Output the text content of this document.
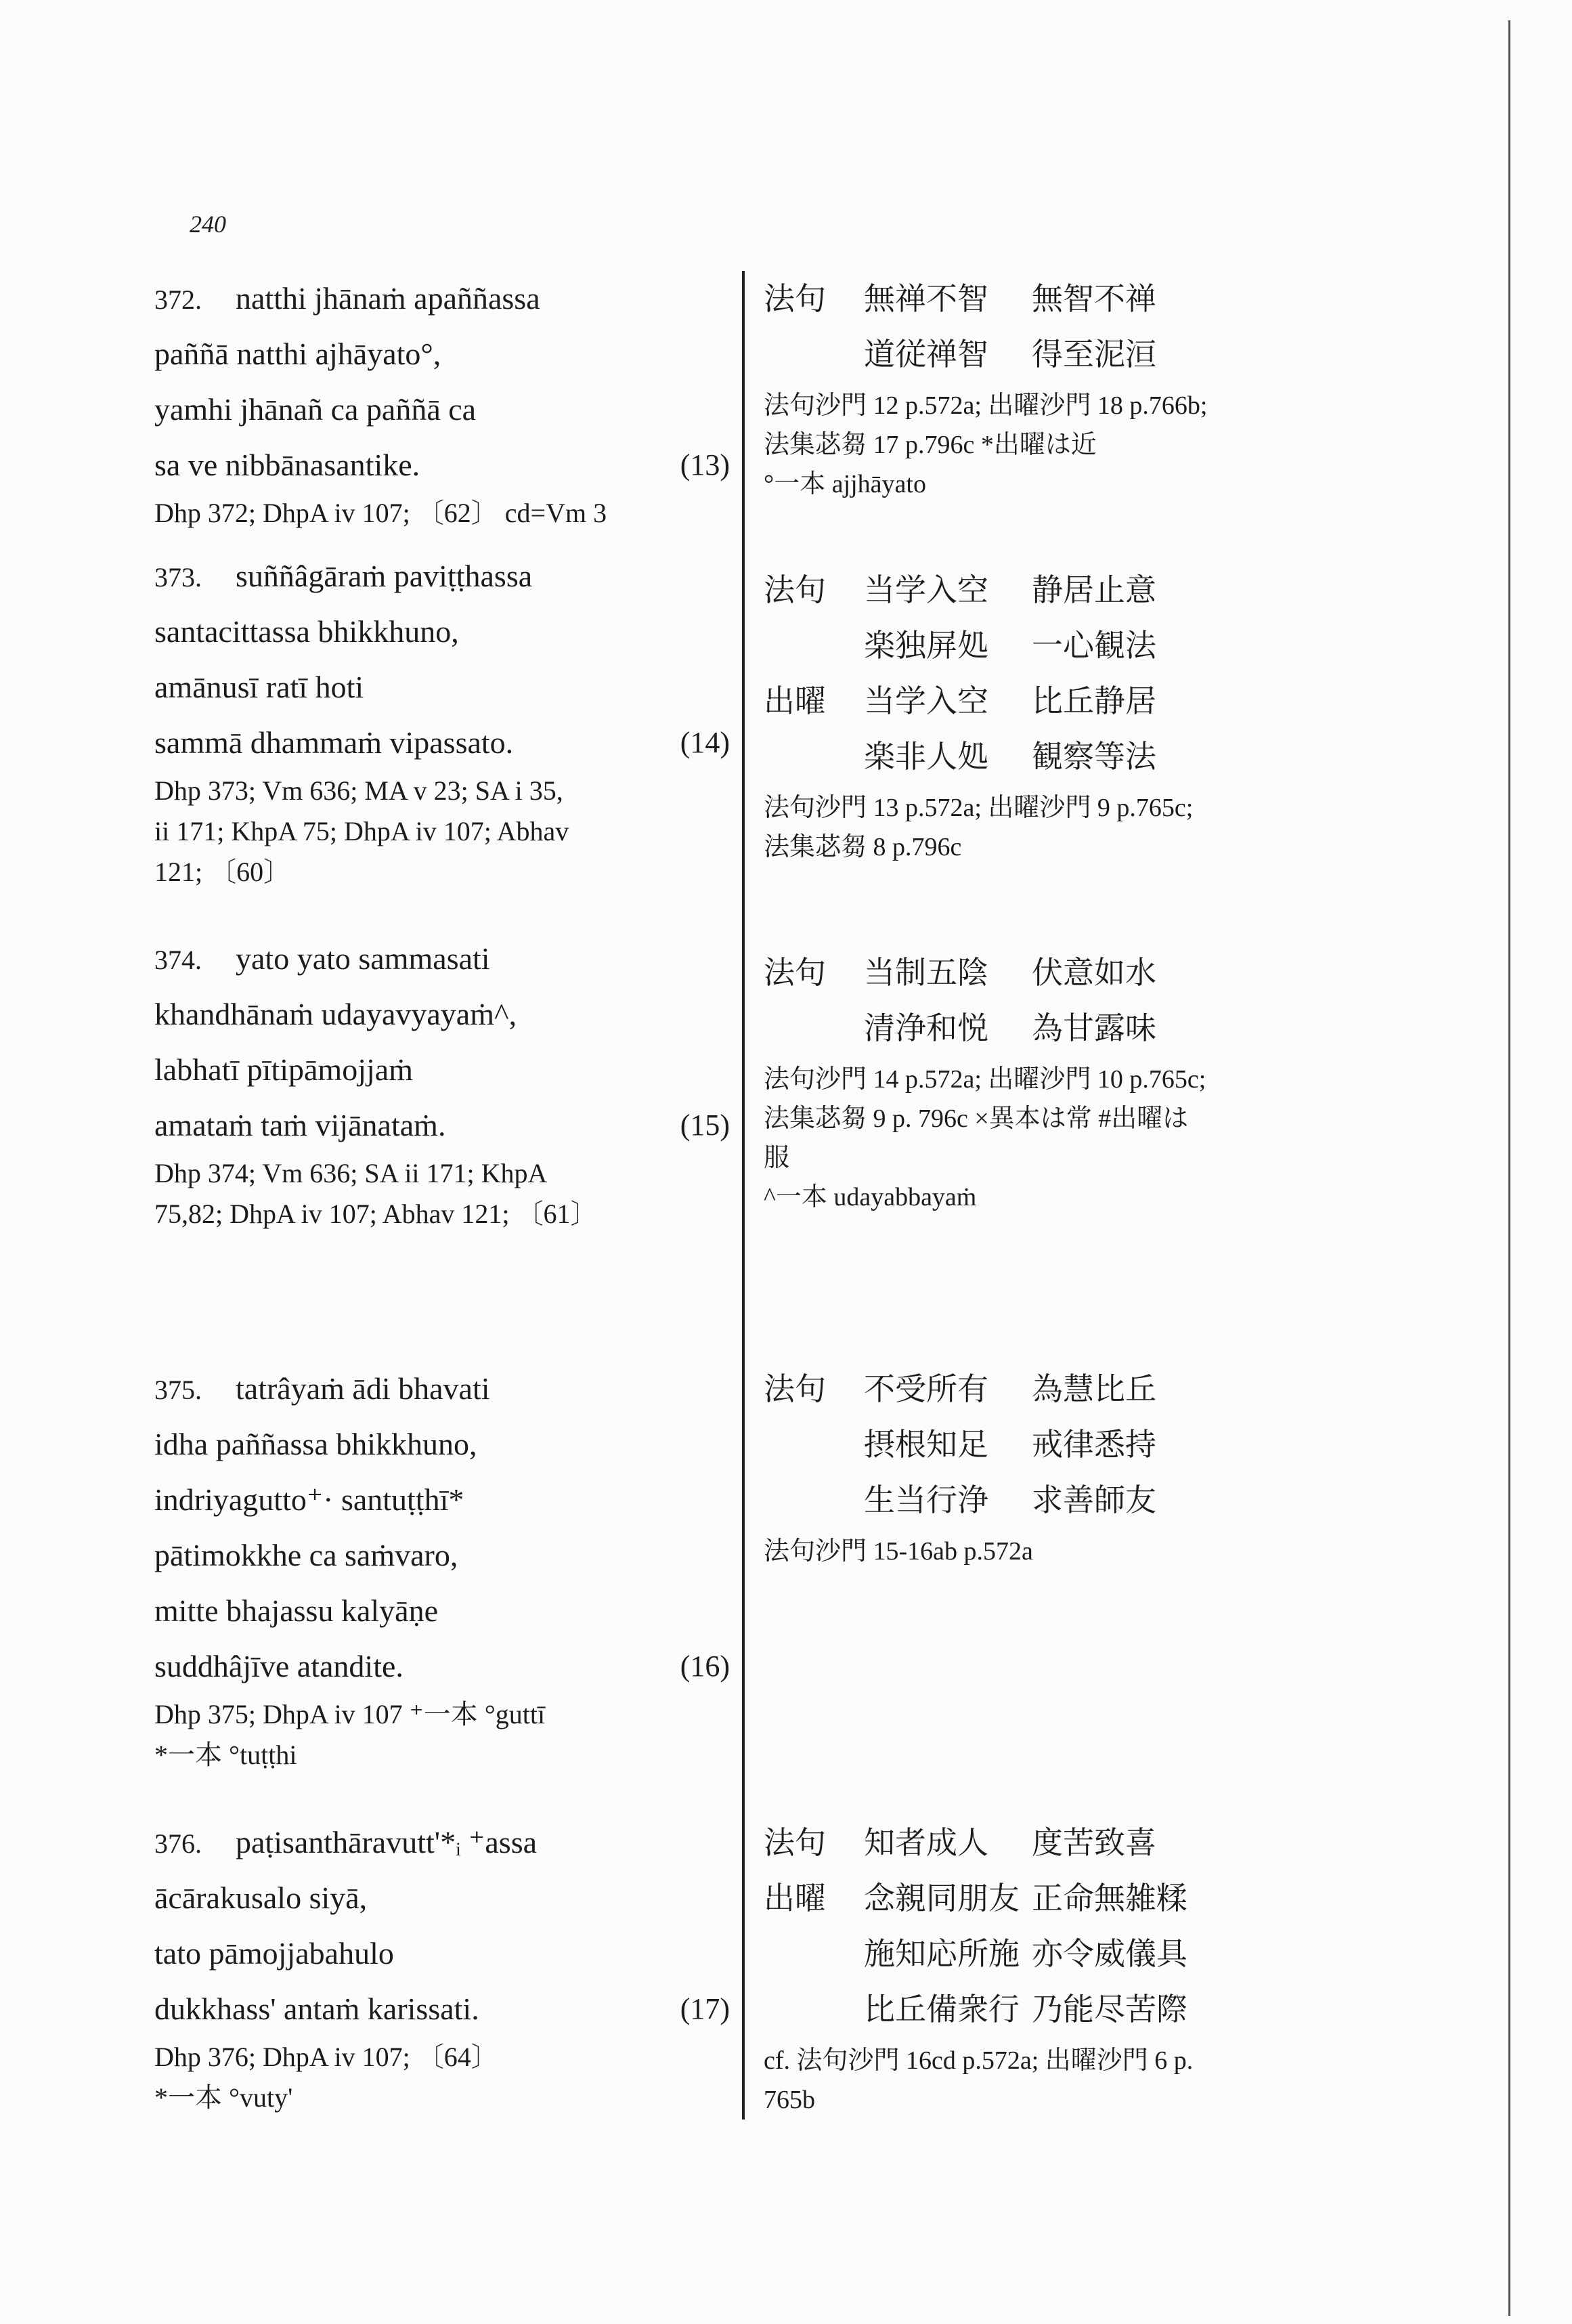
240
372. natthi jhānaṁ apaññassa
paññā natthi ajhāyato°,
yamhi jhānañ ca paññā ca
sa ve nibbānasantike.	(13)
Dhp 372; DhpA iv 107; 〔62〕 cd=Vm 3
373. suññâgāraṁ paviṭṭhassa
santacittassa bhikkhuno,
amānusī ratī hoti
sammā dhammaṁ vipassato.	(14)
Dhp 373; Vm 636; MA v 23; SA i 35,
ii 171; KhpA 75; DhpA iv 107; Abhav
121; 〔60〕
374. yato yato sammasati
khandhānaṁ udayavyayaṁ^,
labhatī pītipāmojjaṁ
amataṁ taṁ vijānataṁ.	(15)
Dhp 374; Vm 636; SA ii 171; KhpA
75,82; DhpA iv 107; Abhav 121; 〔61〕
375. tatrâyaṁ ādi bhavati
idha paññassa bhikkhuno,
indriyagutto⁺· santuṭṭhī*
pātimokkhe ca saṁvaro,
mitte bhajassu kalyāṇe
suddhâjīve atandite.	(16)
Dhp 375; DhpA iv 107 ⁺一本 °guttī
*一本 °tuṭṭhi
376. paṭisanthāravutt'*ᵢ ⁺assa
ācārakusalo siyā,
tato pāmojjabahulo
dukkhass' antaṁ karissati.	(17)
Dhp 376; DhpA iv 107; 〔64〕
*一本 °vuty'
法句 無禅不智 無智不禅
道従禅智 得至泥洹
法句沙門 12 p.572a; 出曜沙門 18 p.766b;
法集苾芻 17 p.796c *出曜は近
°一本 ajjhāyato
法句 当学入空 静居止意
楽独屏処 一心観法
出曜 当学入空 比丘静居
楽非人処 観察等法
法句沙門 13 p.572a; 出曜沙門 9 p.765c;
法集苾芻 8 p.796c
法句 当制五陰 伏意如水
清浄和悦 為甘露味
法句沙門 14 p.572a; 出曜沙門 10 p.765c;
法集苾芻 9 p. 796c ×異本は常 #出曜は
服
^一本 udayabbayaṁ
法句 不受所有 為慧比丘
摂根知足 戒律悉持
生当行浄 求善師友
法句沙門 15-16ab p.572a
法句 知者成人 度苦致喜
出曜 念親同朋友 正命無雑糅
施知応所施 亦令威儀具
比丘備衆行 乃能尽苦際
cf. 法句沙門 16cd p.572a; 出曜沙門 6 p.
765b
